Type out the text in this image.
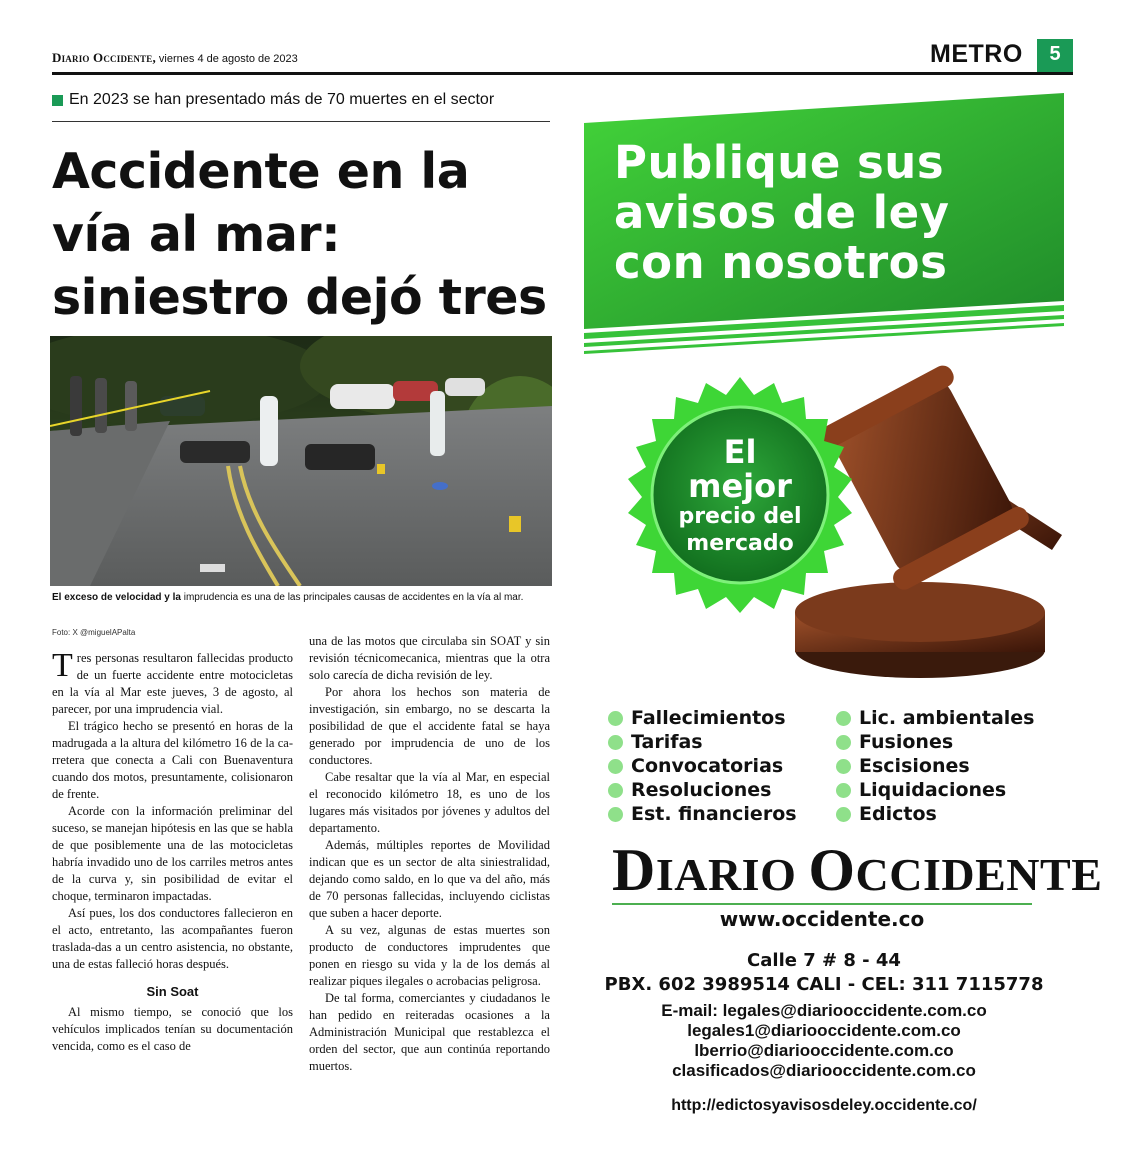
Diario Occidente, viernes 4 de agosto de 2023	METRO	5
En 2023 se han presentado más de 70 muertes en el sector
Accidente en la vía al mar: siniestro dejó tres
El exceso de velocidad y la imprudencia es una de las principales causas de accidentes en la vía al mar.
Foto: X @miguelAPalta

Tres personas resultaron fallecidas producto de un fuerte accidente entre motocicletas en la vía al Mar este jueves, 3 de agosto, al parecer, por una imprudencia vial.

El trágico hecho se presentó en horas de la madrugada a la altura del kilómetro 16 de la ca-rretera que conecta a Cali con Buenaventura cuando dos motos, presuntamente, colisionaron de frente.

Acorde con la información preliminar del suceso, se manejan hipótesis en las que se habla de que posiblemente una de las motocicletas habría invadido uno de los carriles metros antes de la curva y, sin posibilidad de evitar el choque, terminaron impactadas.

Así pues, los dos conductores fallecieron en el acto, entretanto, las acompañantes fueron traslada-das a un centro asistencia, no obstante, una de estas falleció horas después.

Sin Soat

Al mismo tiempo, se conoció que los vehículos implicados tenían su documentación vencida, como es el caso de

una de las motos que circulaba sin SOAT y sin revisión técnicomecanica, mientras que la otra solo carecía de dicha revisión de ley.

Por ahora los hechos son materia de investigación, sin embargo, no se descarta la posibilidad de que el accidente fatal se haya generado por imprudencia de uno de los conductores.

Cabe resaltar que la vía al Mar, en especial el reconocido kilómetro 18, es uno de los lugares más visitados por jóvenes y adultos del departamento.

Además, múltiples reportes de Movilidad indican que es un sector de alta siniestralidad, dejando como saldo, en lo que va del año, más de 70 personas fallecidas, incluyendo ciclistas que suben a hacer deporte.

A su vez, algunas de estas muertes son producto de conductores imprudentes que ponen en riesgo su vida y la de los demás al realizar piques ilegales o acrobacias peligrosa.

De tal forma, comerciantes y ciudadanos le han pedido en reiteradas ocasiones a la Administración Municipal que restablezca el orden del sector, que aun continúa reportando muertos.

Publique sus
avisos de ley
con nosotros
El
mejor
precio del
mercado
Fallecimientos	Lic. ambientales
Tarifas	Fusiones
Convocatorias	Escisiones
Resoluciones	Liquidaciones
Est. financieros	Edictos
DIARIO OCCIDENTE
www.occidente.co
Calle 7 # 8 - 44
PBX. 602 3989514 CALI - CEL: 311 7115778
E-mail: legales@diariooccidente.com.co
legales1@diariooccidente.com.co
lberrio@diariooccidente.com.co
clasificados@diariooccidente.com.co
http://edictosyavisosdeley.occidente.co/
